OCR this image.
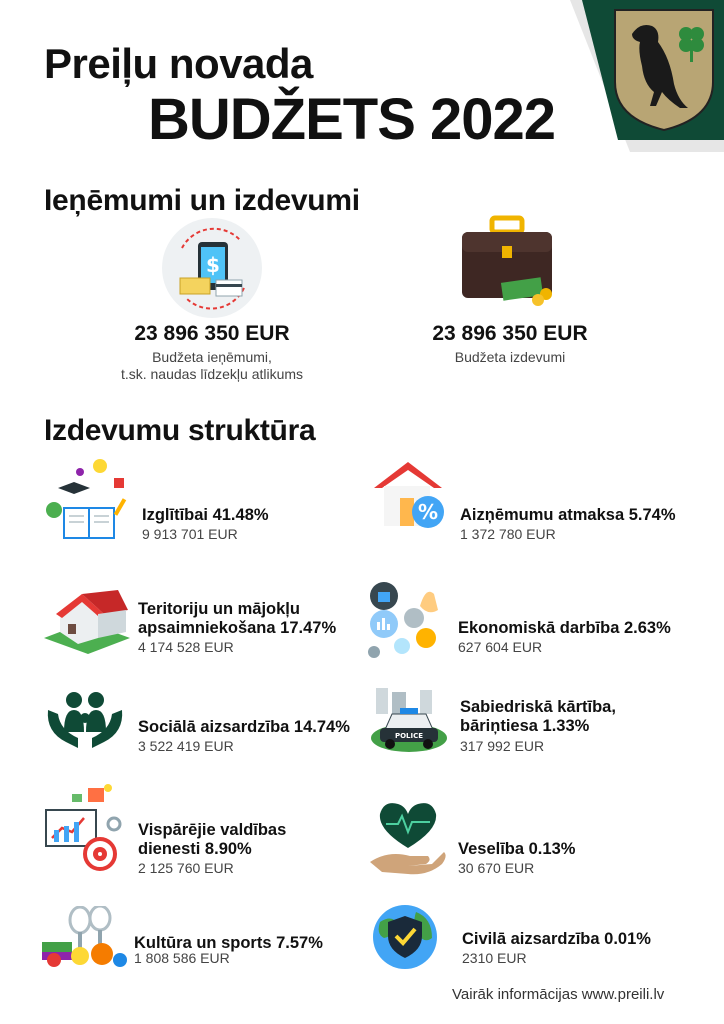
Preiļu novada
BUDŽETS 2022
Ieņēmumi un izdevumi
$
23 896 350 EUR
Budžeta ieņēmumi,
t.sk. naudas līdzekļu atlikums
23 896 350 EUR
Budžeta izdevumi
Izdevumu struktūra
Izglītībai 41.48%
9 913 701 EUR
% Aizņēmumu atmaksa 5.74%
1 372 780 EUR
Teritoriju un mājokļu
apsaimniekošana 17.47%
4 174 528 EUR
Ekonomiskā darbība 2.63%
627 604 EUR
Sociālā aizsardzība 14.74%
3 522 419 EUR
POLICE
Sabiedriskā kārtība,
bāriņtiesa 1.33%
317 992 EUR
Vispārējie valdības
dienesti 8.90%
2 125 760 EUR
Veselība 0.13%
30 670 EUR
Kultūra un sports 7.57%
1 808 586 EUR
Civilā aizsardzība 0.01%
2310 EUR
Vairāk informācijas www.preili.lv
